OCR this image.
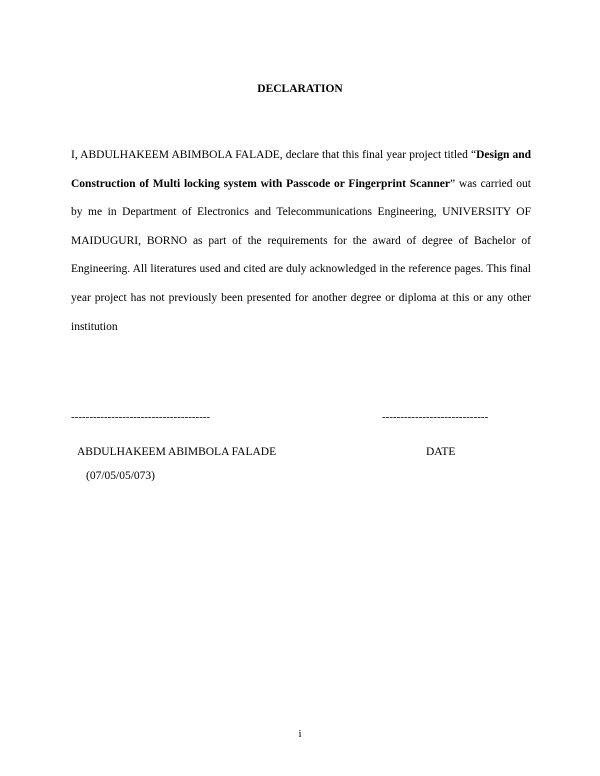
DECLARATION

I, ABDULHAKEEM ABIMBOLA FALADE, declare that this final year project titled “Design and Construction of Multi locking system with Passcode or Fingerprint Scanner” was carried out by me in Department of Electronics and Telecommunications Engineering, UNIVERSITY OF MAIDUGURI, BORNO as part of the requirements for the award of degree of Bachelor of Engineering. All literatures used and cited are duly acknowledged in the reference pages. This final year project has not previously been presented for another degree or diploma at this or any other institution

--------------------------------------	-----------------------------
ABDULHAKEEM ABIMBOLA FALADE	DATE
(07/05/05/073)
i
